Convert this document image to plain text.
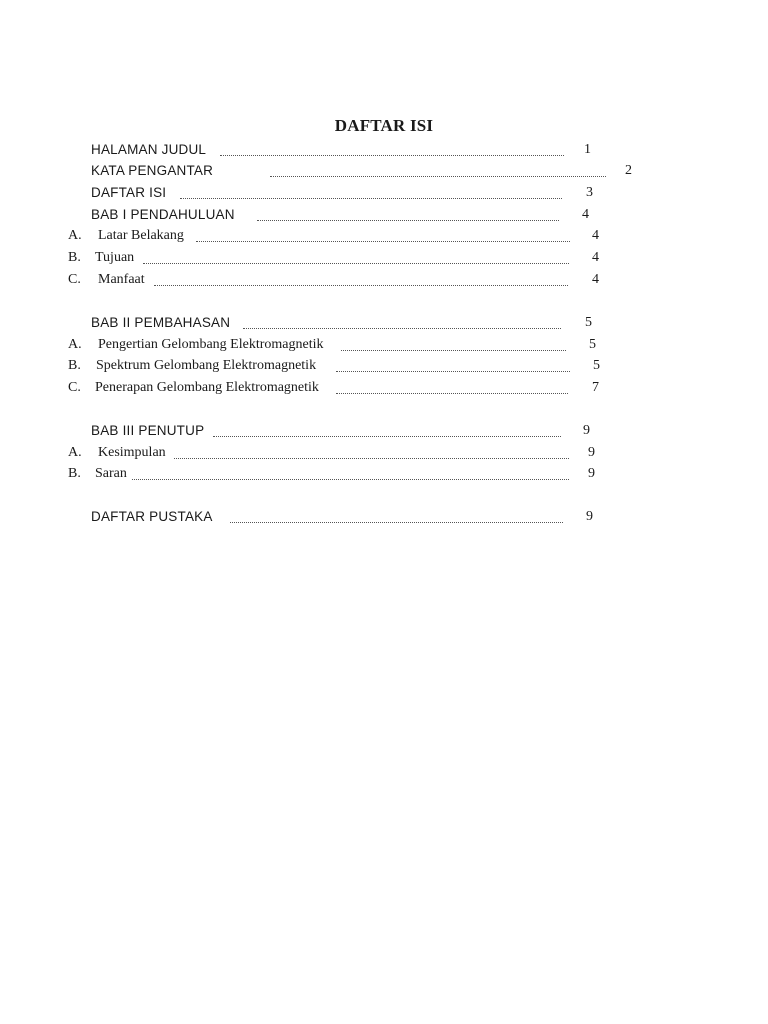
DAFTAR ISI
HALAMAN JUDUL	1
KATA PENGANTAR	2
DAFTAR ISI	3
BAB I PENDAHULUAN	4
A. Latar Belakang	4
B. Tujuan	4
C. Manfaat	4
BAB II PEMBAHASAN	5
A. Pengertian Gelombang Elektromagnetik	5
B. Spektrum Gelombang Elektromagnetik	5
C. Penerapan Gelombang Elektromagnetik	7
BAB III PENUTUP	9
A. Kesimpulan	9
B. Saran	9
DAFTAR PUSTAKA	9
